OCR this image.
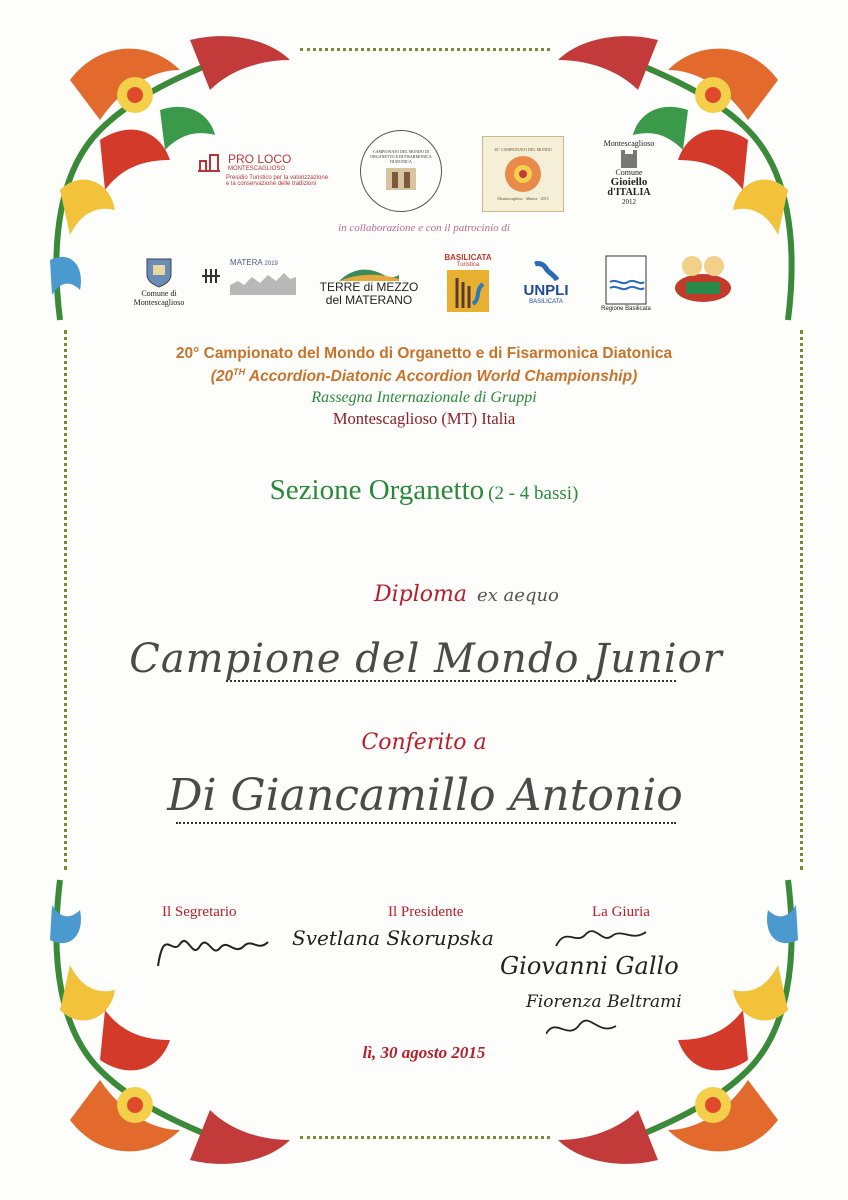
PRO LOCO
MONTESCAGLIOSO
Presidio Turistico per la valorizzazione
e la conservazione delle tradizioni
CAMPIONATO DEL MONDO DI ORGANETTO E DI FISARMONICA DIATONICA
20° CAMPIONATO DEL MONDO
Montescaglioso · Matera · 2015
Montescaglioso
Comune
Gioiello
d'ITALIA
2012
in collaborazione e con il patrocinio di
Comune di
Montescaglioso
MATERA 2019
TERRE di MEZZO
del MATERANO
BASILICATA
Turistica
UNPLI
BASILICATA
Regione Basilicata
20° Campionato del Mondo di Organetto e di Fisarmonica Diatonica
(20TH Accordion-Diatonic Accordion World Championship)
Rassegna Internazionale di Gruppi
Montescaglioso (MT) Italia
Sezione Organetto (2 - 4 bassi)
Diploma ex aequo
Campione del Mondo Junior
Conferito a
Di Giancamillo Antonio
Il Segretario	Il Presidente	La Giuria
Svetlana Skorupska
Giovanni Gallo
Fiorenza Beltrami
lì, 30 agosto 2015
